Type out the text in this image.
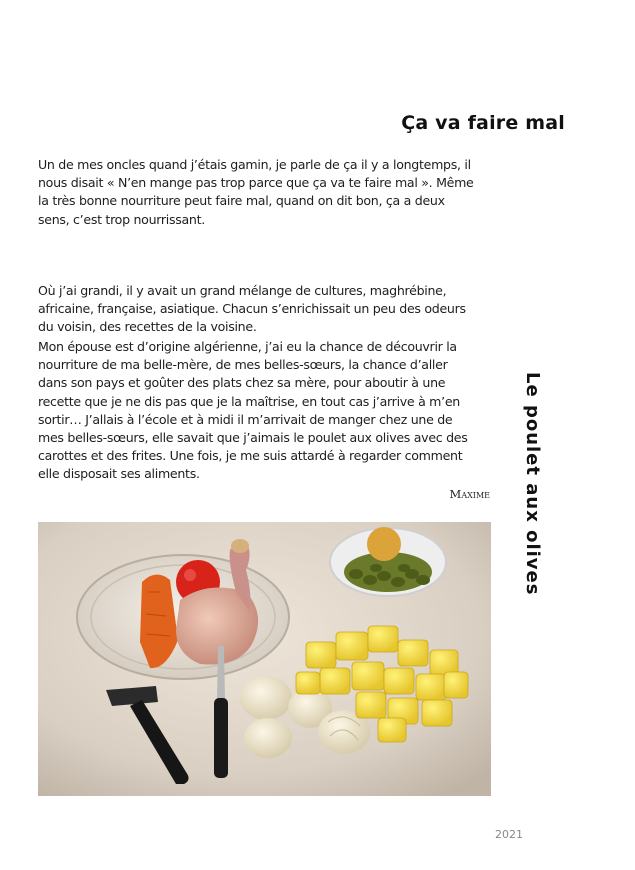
Ça va faire mal
Le poulet aux olives

Un de mes oncles quand j’étais gamin, je parle de ça il y a longtemps, il nous disait « N’en mange pas trop parce que ça va te faire mal ». Même la très bonne nourriture peut faire mal, quand on dit bon, ça a deux sens, c’est trop nourrissant.

Où j’ai grandi, il y avait un grand mélange de cultures, maghrébine, africaine, française, asiatique. Chacun s’enrichissait un peu des odeurs du voisin, des recettes de la voisine.

Mon épouse est d’origine algérienne, j’ai eu la chance de découvrir la nourriture de ma belle-mère, de mes belles-sœurs, la chance d’aller dans son pays et goûter des plats chez sa mère, pour aboutir à une recette que je ne dis pas que je la maîtrise, en tout cas j’arrive à m’en sortir… J’allais à l’école et à midi il m’arrivait de manger chez une de mes belles-sœurs, elle savait que j’aimais le poulet aux olives avec des carottes et des frites. Une fois, je me suis attardé à regarder comment elle disposait ses aliments.

Maxime
2021
